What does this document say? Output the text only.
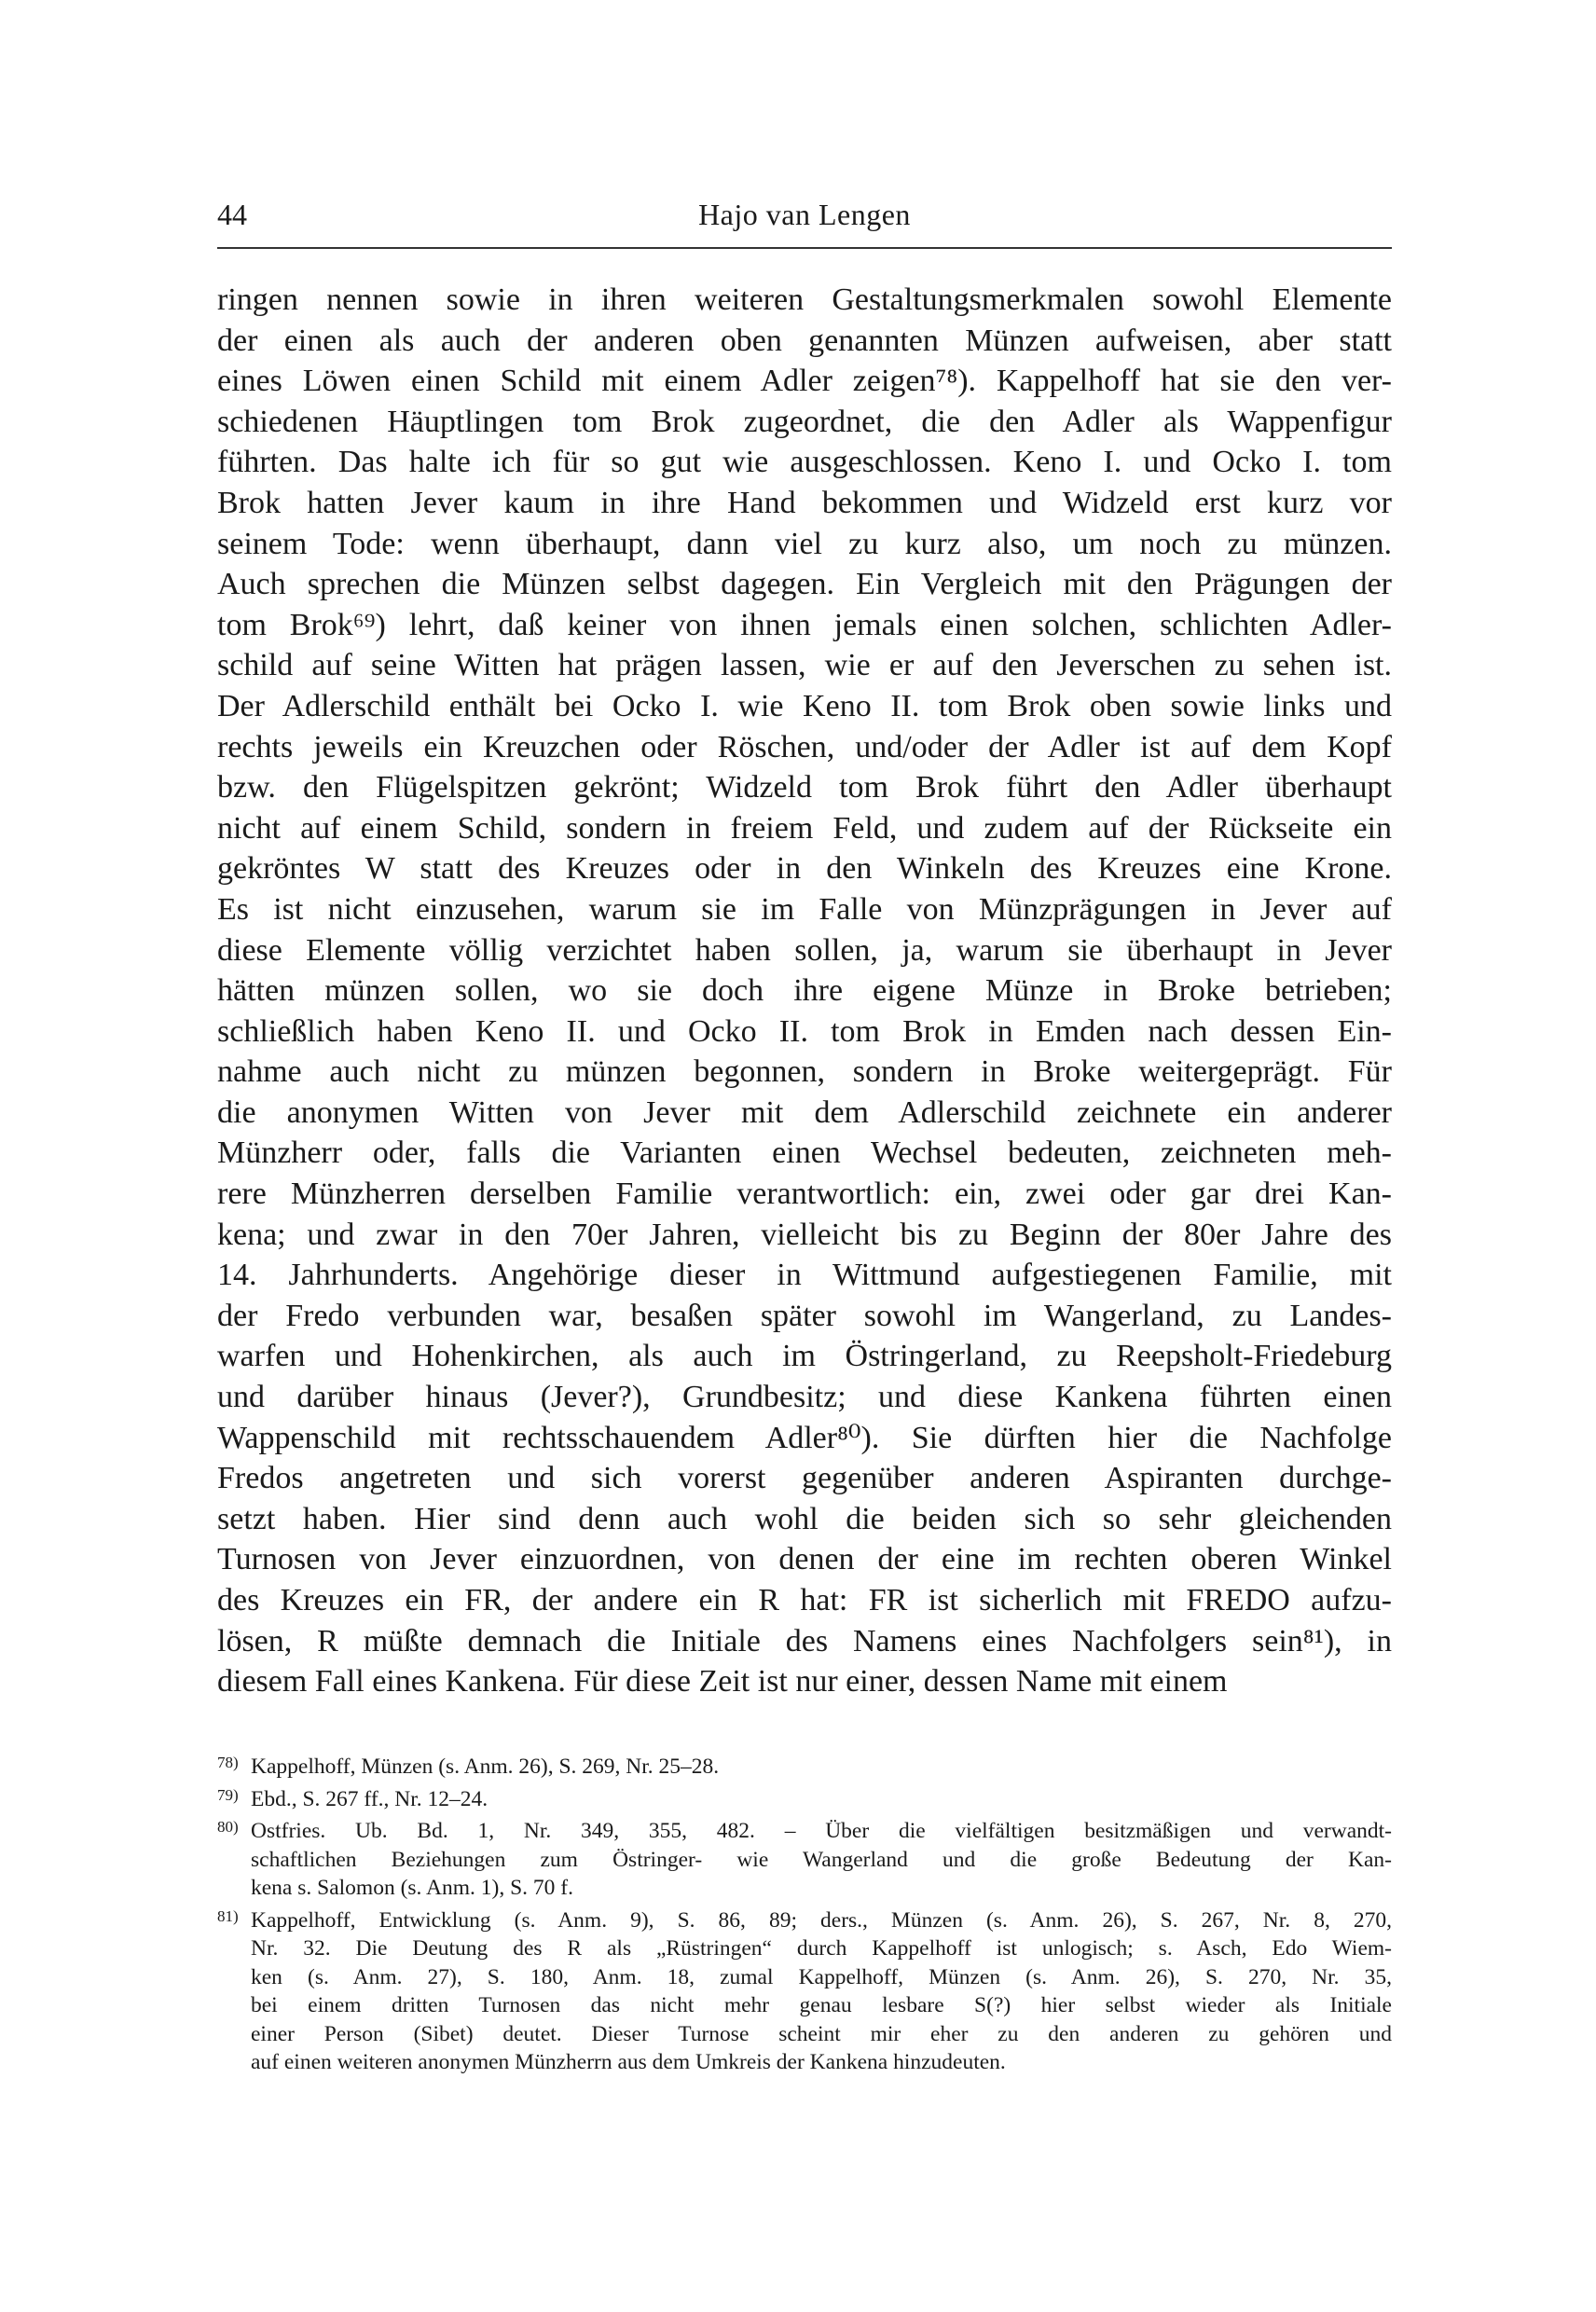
44	Hajo van Lengen
ringen nennen sowie in ihren weiteren Gestaltungsmerkmalen sowohl Elemente
der einen als auch der anderen oben genannten Münzen aufweisen, aber statt
eines Löwen einen Schild mit einem Adler zeigen⁷⁸). Kappelhoff hat sie den ver-
schiedenen Häuptlingen tom Brok zugeordnet, die den Adler als Wappenfigur
führten. Das halte ich für so gut wie ausgeschlossen. Keno I. und Ocko I. tom
Brok hatten Jever kaum in ihre Hand bekommen und Widzeld erst kurz vor
seinem Tode: wenn überhaupt, dann viel zu kurz also, um noch zu münzen.
Auch sprechen die Münzen selbst dagegen. Ein Vergleich mit den Prägungen der
tom Brok⁶⁹) lehrt, daß keiner von ihnen jemals einen solchen, schlichten Adler-
schild auf seine Witten hat prägen lassen, wie er auf den Jeverschen zu sehen ist.
Der Adlerschild enthält bei Ocko I. wie Keno II. tom Brok oben sowie links und
rechts jeweils ein Kreuzchen oder Röschen, und/oder der Adler ist auf dem Kopf
bzw. den Flügelspitzen gekrönt; Widzeld tom Brok führt den Adler überhaupt
nicht auf einem Schild, sondern in freiem Feld, und zudem auf der Rückseite ein
gekröntes W statt des Kreuzes oder in den Winkeln des Kreuzes eine Krone.
Es ist nicht einzusehen, warum sie im Falle von Münzprägungen in Jever auf
diese Elemente völlig verzichtet haben sollen, ja, warum sie überhaupt in Jever
hätten münzen sollen, wo sie doch ihre eigene Münze in Broke betrieben;
schließlich haben Keno II. und Ocko II. tom Brok in Emden nach dessen Ein-
nahme auch nicht zu münzen begonnen, sondern in Broke weitergeprägt. Für
die anonymen Witten von Jever mit dem Adlerschild zeichnete ein anderer
Münzherr oder, falls die Varianten einen Wechsel bedeuten, zeichneten meh-
rere Münzherren derselben Familie verantwortlich: ein, zwei oder gar drei Kan-
kena; und zwar in den 70er Jahren, vielleicht bis zu Beginn der 80er Jahre des
14. Jahrhunderts. Angehörige dieser in Wittmund aufgestiegenen Familie, mit
der Fredo verbunden war, besaßen später sowohl im Wangerland, zu Landes-
warfen und Hohenkirchen, als auch im Östringerland, zu Reepsholt-Friedeburg
und darüber hinaus (Jever?), Grundbesitz; und diese Kankena führten einen
Wappenschild mit rechtsschauendem Adler⁸⁰). Sie dürften hier die Nachfolge
Fredos angetreten und sich vorerst gegenüber anderen Aspiranten durchge-
setzt haben. Hier sind denn auch wohl die beiden sich so sehr gleichenden
Turnosen von Jever einzuordnen, von denen der eine im rechten oberen Winkel
des Kreuzes ein FR, der andere ein R hat: FR ist sicherlich mit FREDO aufzu-
lösen, R müßte demnach die Initiale des Namens eines Nachfolgers sein⁸¹), in
diesem Fall eines Kankena. Für diese Zeit ist nur einer, dessen Name mit einem
78) Kappelhoff, Münzen (s. Anm. 26), S. 269, Nr. 25–28.
79) Ebd., S. 267 ff., Nr. 12–24.
80) Ostfries. Ub. Bd. 1, Nr. 349, 355, 482. – Über die vielfältigen besitzmäßigen und verwandt-
schaftlichen Beziehungen zum Östringer- wie Wangerland und die große Bedeutung der Kan-
kena s. Salomon (s. Anm. 1), S. 70 f.
81) Kappelhoff, Entwicklung (s. Anm. 9), S. 86, 89; ders., Münzen (s. Anm. 26), S. 267, Nr. 8, 270,
Nr. 32. Die Deutung des R als „Rüstringen“ durch Kappelhoff ist unlogisch; s. Asch, Edo Wiem-
ken (s. Anm. 27), S. 180, Anm. 18, zumal Kappelhoff, Münzen (s. Anm. 26), S. 270, Nr. 35,
bei einem dritten Turnosen das nicht mehr genau lesbare S(?) hier selbst wieder als Initiale
einer Person (Sibet) deutet. Dieser Turnose scheint mir eher zu den anderen zu gehören und
auf einen weiteren anonymen Münzherrn aus dem Umkreis der Kankena hinzudeuten.
